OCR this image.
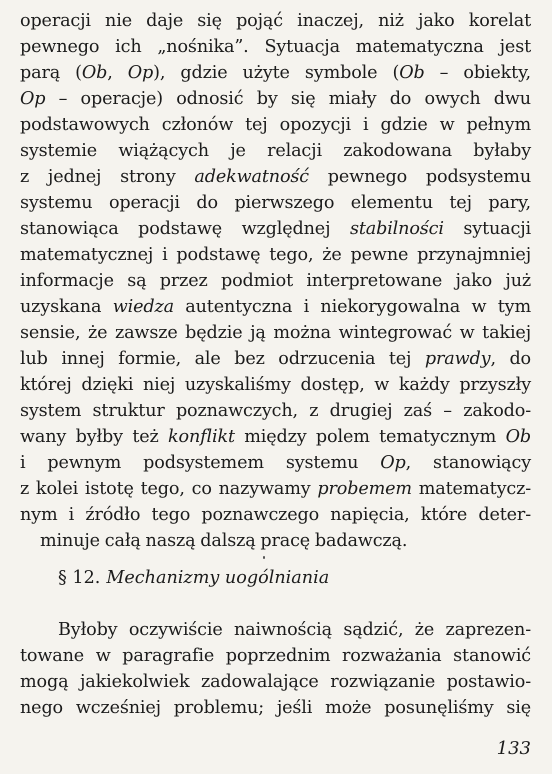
operacji nie daje się pojąć inaczej, niż jako korelat
pewnego ich „nośnika”. Sytuacja matematyczna jest
parą (Ob, Op), gdzie użyte symbole (Ob – obiekty,
Op – operacje) odnosić by się miały do owych dwu
podstawowych członów tej opozycji i gdzie w pełnym
systemie wiążących je relacji zakodowana byłaby
z jednej strony adekwatność pewnego podsystemu
systemu operacji do pierwszego elementu tej pary,
stanowiąca podstawę względnej stabilności sytuacji
matematycznej i podstawę tego, że pewne przynajmniej
informacje są przez podmiot interpretowane jako już
uzyskana wiedza autentyczna i niekorygowalna w tym
sensie, że zawsze będzie ją można wintegrować w takiej
lub innej formie, ale bez odrzucenia tej prawdy, do
której dzięki niej uzyskaliśmy dostęp, w każdy przyszły
system struktur poznawczych, z drugiej zaś – zakodo-
wany byłby też konflikt między polem tematycznym Ob
i pewnym podsystemem systemu Op, stanowiący
z kolei istotę tego, co nazywamy probemem matematycz-
nym i źródło tego poznawczego napięcia, które deter-
minuje całą naszą dalszą pracę badawczą.
§ 12. Mechanizmy uogólniania
Byłoby oczywiście naiwnością sądzić, że zaprezen-
towane w paragrafie poprzednim rozważania stanowić
mogą jakiekolwiek zadowalające rozwiązanie postawio-
nego wcześniej problemu; jeśli może posunęliśmy się
133
